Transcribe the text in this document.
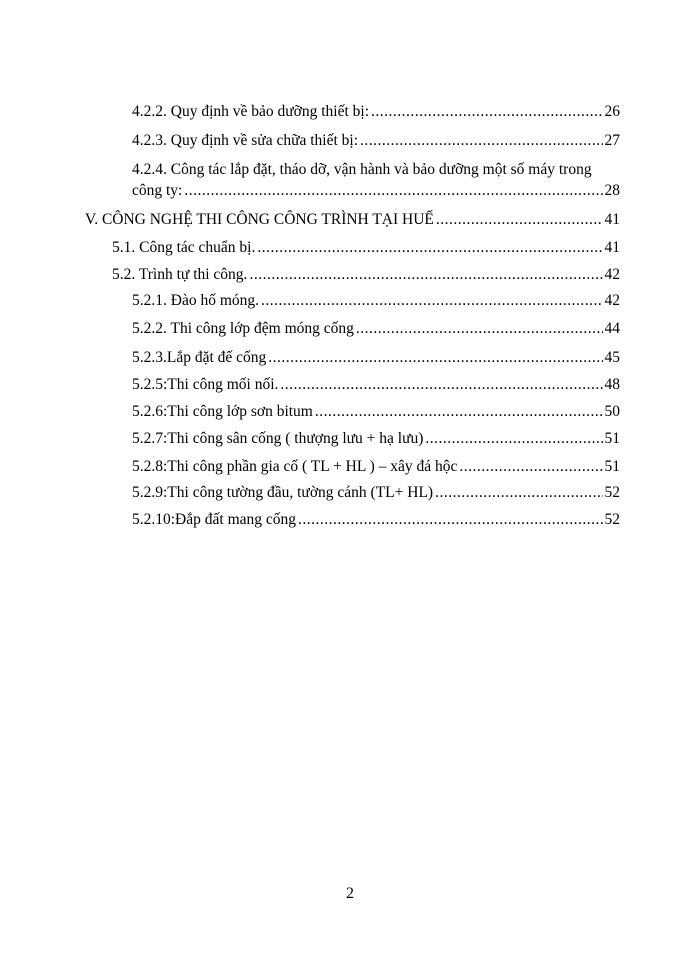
4.2.2. Quy định về bảo dưỡng thiết bị: .....	26
4.2.3. Quy định về sửa chữa thiết bị: .....	27
4.2.4. Công tác lắp đặt, tháo dỡ, vận hành và bảo dưỡng một số máy trong
công ty: .....	28
V. CÔNG NGHỆ THI CÔNG CÔNG TRÌNH TẠI HUẾ .....	41
5.1. Công tác chuẩn bị. .....	41
5.2. Trình tự thi công. .....	42
5.2.1. Đào hố móng. .....	42
5.2.2. Thi công lớp đệm móng cống .....	44
5.2.3.Lắp đặt đế cống .....	45
5.2.5:Thi công mối nối. .....	48
5.2.6:Thi công lớp sơn bitum .....	50
5.2.7:Thi công sân cống ( thượng lưu + hạ lưu) .....	51
5.2.8:Thi công phần gia cố ( TL + HL ) – xây đá hộc .....	51
5.2.9:Thi công tường đầu, tường cánh (TL+ HL) .....	52
5.2.10:Đắp đất mang cống .....	52
2
